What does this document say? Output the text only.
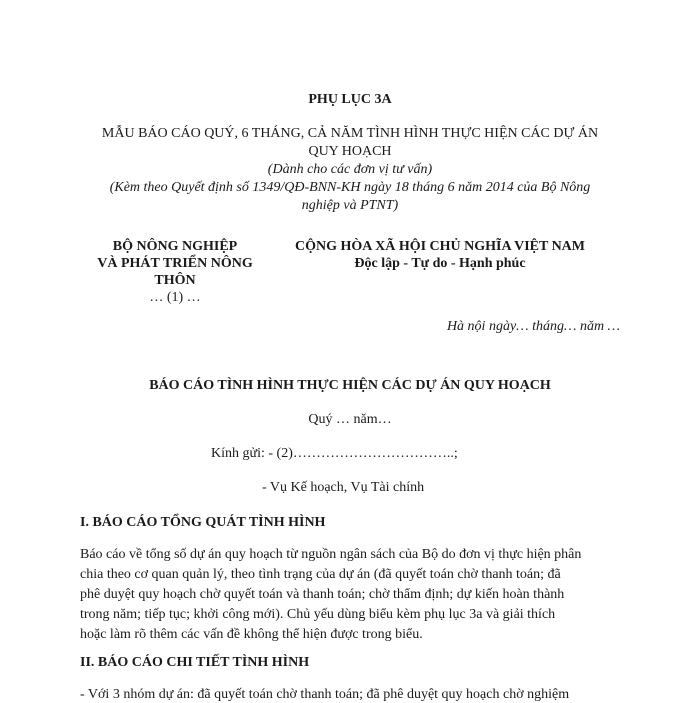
PHỤ LỤC 3A
MẪU BÁO CÁO QUÝ, 6 THÁNG, CẢ NĂM TÌNH HÌNH THỰC HIỆN CÁC DỰ ÁN
QUY HOẠCH
(Dành cho các đơn vị tư vấn)
(Kèm theo Quyết định số 1349/QĐ-BNN-KH ngày 18 tháng 6 năm 2014 của Bộ Nông
nghiệp và PTNT)
BỘ NÔNG NGHIỆP
VÀ PHÁT TRIỂN NÔNG
THÔN
… (1) …
CỘNG HÒA XÃ HỘI CHỦ NGHĨA VIỆT NAM
Độc lập - Tự do - Hạnh phúc
Hà nội ngày… tháng… năm …
BÁO CÁO TÌNH HÌNH THỰC HIỆN CÁC DỰ ÁN QUY HOẠCH
Quý … năm…
Kính gửi: - (2)……………………………..;
- Vụ Kế hoạch, Vụ Tài chính
I. BÁO CÁO TỔNG QUÁT TÌNH HÌNH

Báo cáo về tổng số dự án quy hoạch từ nguồn ngân sách của Bộ do đơn vị thực hiện phân

chia theo cơ quan quản lý, theo tình trạng của dự án (đã quyết toán chờ thanh toán; đã

phê duyệt quy hoạch chờ quyết toán và thanh toán; chờ thẩm định; dự kiến hoàn thành

trong năm; tiếp tục; khởi công mới). Chủ yếu dùng biểu kèm phụ lục 3a và giải thích

hoặc làm rõ thêm các vấn đề không thể hiện được trong biểu.

II. BÁO CÁO CHI TIẾT TÌNH HÌNH
- Với 3 nhóm dự án: đã quyết toán chờ thanh toán; đã phê duyệt quy hoạch chờ nghiệm
